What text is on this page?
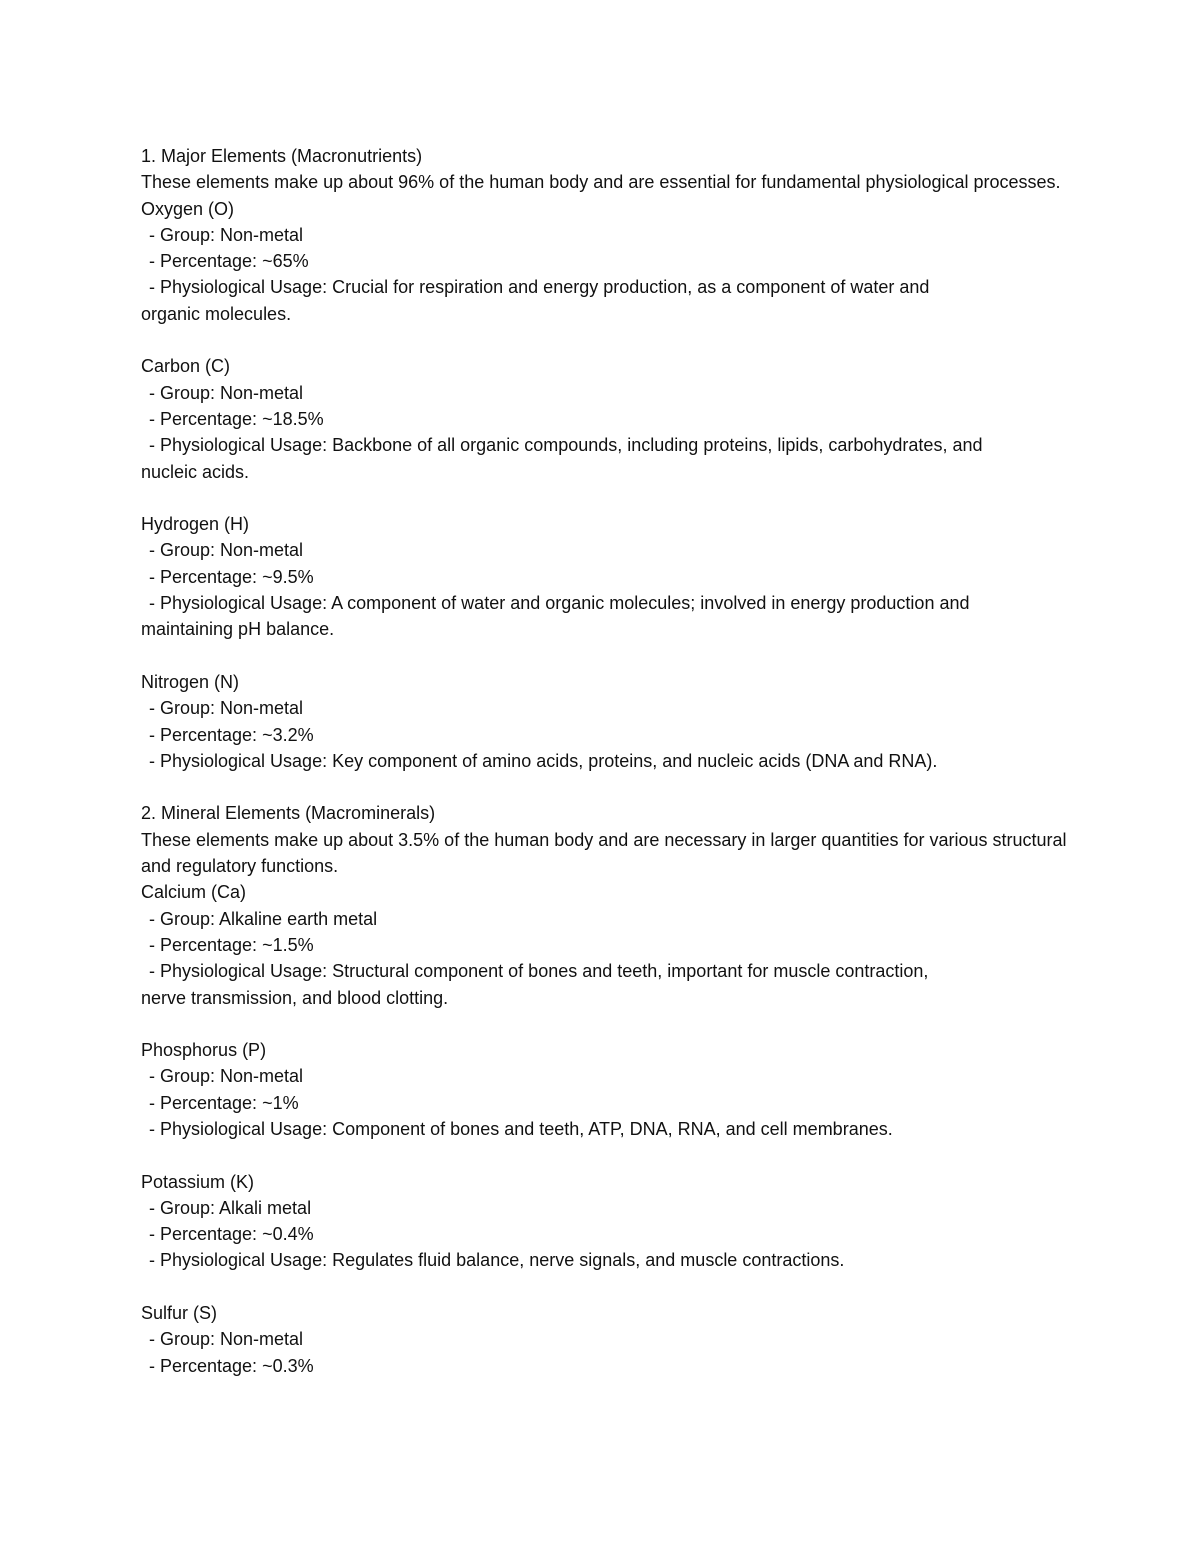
1. Major Elements (Macronutrients)

These elements make up about 96% of the human body and are essential for fundamental physiological processes.

Oxygen (O)

- Group: Non-metal

- Percentage: ~65%

- Physiological Usage: Crucial for respiration and energy production, as a component of water and

organic molecules.

Carbon (C)

- Group: Non-metal

- Percentage: ~18.5%

- Physiological Usage: Backbone of all organic compounds, including proteins, lipids, carbohydrates, and

nucleic acids.

Hydrogen (H)

- Group: Non-metal

- Percentage: ~9.5%

- Physiological Usage: A component of water and organic molecules; involved in energy production and

maintaining pH balance.

Nitrogen (N)

- Group: Non-metal

- Percentage: ~3.2%

- Physiological Usage: Key component of amino acids, proteins, and nucleic acids (DNA and RNA).

2. Mineral Elements (Macrominerals)

These elements make up about 3.5% of the human body and are necessary in larger quantities for various structural and regulatory functions.

Calcium (Ca)

- Group: Alkaline earth metal

- Percentage: ~1.5%

- Physiological Usage: Structural component of bones and teeth, important for muscle contraction,

nerve transmission, and blood clotting.

Phosphorus (P)

- Group: Non-metal

- Percentage: ~1%

- Physiological Usage: Component of bones and teeth, ATP, DNA, RNA, and cell membranes.

Potassium (K)

- Group: Alkali metal

- Percentage: ~0.4%

- Physiological Usage: Regulates fluid balance, nerve signals, and muscle contractions.

Sulfur (S)

- Group: Non-metal

- Percentage: ~0.3%
